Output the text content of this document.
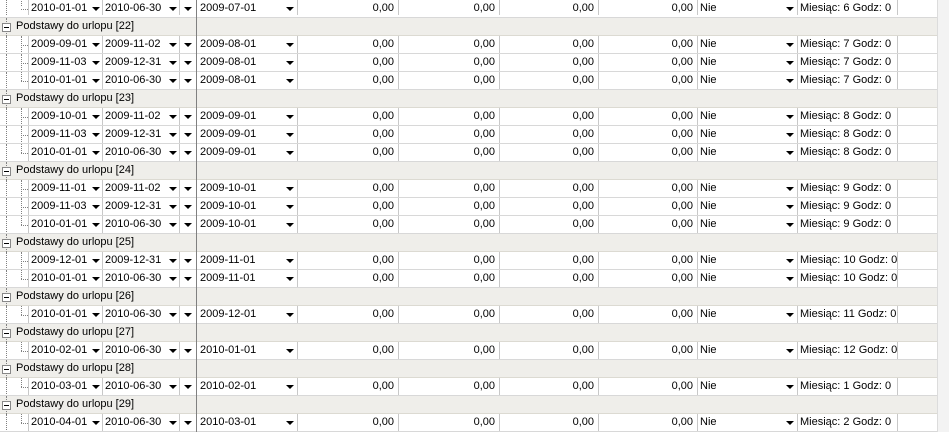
2010-01-01 2010-06-30	2009-07-01	0,00	0,00	0,00	0,00 Nie	Miesiąc: 6 Godz: 0
Podstawy do urlopu [22]
2009-09-01 2009-11-02	2009-08-01	0,00	0,00	0,00	0,00 Nie	Miesiąc: 7 Godz: 0
2009-11-03	2009-12-31	2009-08-01	0,00	0,00	0,00	0,00 Nie	Miesiąc: 7 Godz: 0
2010-01-01 2010-06-30	2009-08-01	0,00	0,00	0,00	0,00 Nie	Miesiąc: 7 Godz: 0
Podstawy do urlopu [23]
2009-10-01 2009-11-02	2009-09-01	0,00	0,00	0,00	0,00 Nie	Miesiąc: 8 Godz: 0
2009-11-03	2009-12-31	2009-09-01	0,00	0,00	0,00	0,00 Nie	Miesiąc: 8 Godz: 0
2010-01-01 2010-06-30	2009-09-01	0,00	0,00	0,00	0,00 Nie	Miesiąc: 8 Godz: 0
Podstawy do urlopu [24]
2009-11-01	2009-11-02	2009-10-01	0,00	0,00	0,00	0,00 Nie	Miesiąc: 9 Godz: 0
2009-11-03	2009-12-31	2009-10-01	0,00	0,00	0,00	0,00 Nie	Miesiąc: 9 Godz: 0
2010-01-01 2010-06-30	2009-10-01	0,00	0,00	0,00	0,00 Nie	Miesiąc: 9 Godz: 0
Podstawy do urlopu [25]
2009-12-01 2009-12-31	2009-11-01	0,00	0,00	0,00	0,00 Nie	Miesiąc: 10 Godz: 0
2010-01-01 2010-06-30	2009-11-01	0,00	0,00	0,00	0,00 Nie	Miesiąc: 10 Godz: 0
Podstawy do urlopu [26]
2010-01-01 2010-06-30	2009-12-01	0,00	0,00	0,00	0,00 Nie	Miesiąc: 11 Godz: 0
Podstawy do urlopu [27]
2010-02-01 2010-06-30	2010-01-01	0,00	0,00	0,00	0,00 Nie	Miesiąc: 12 Godz: 0
Podstawy do urlopu [28]
2010-03-01 2010-06-30	2010-02-01	0,00	0,00	0,00	0,00 Nie	Miesiąc: 1 Godz: 0
Podstawy do urlopu [29]
2010-04-01 2010-06-30	2010-03-01	0,00	0,00	0,00	0,00 Nie	Miesiąc: 2 Godz: 0
